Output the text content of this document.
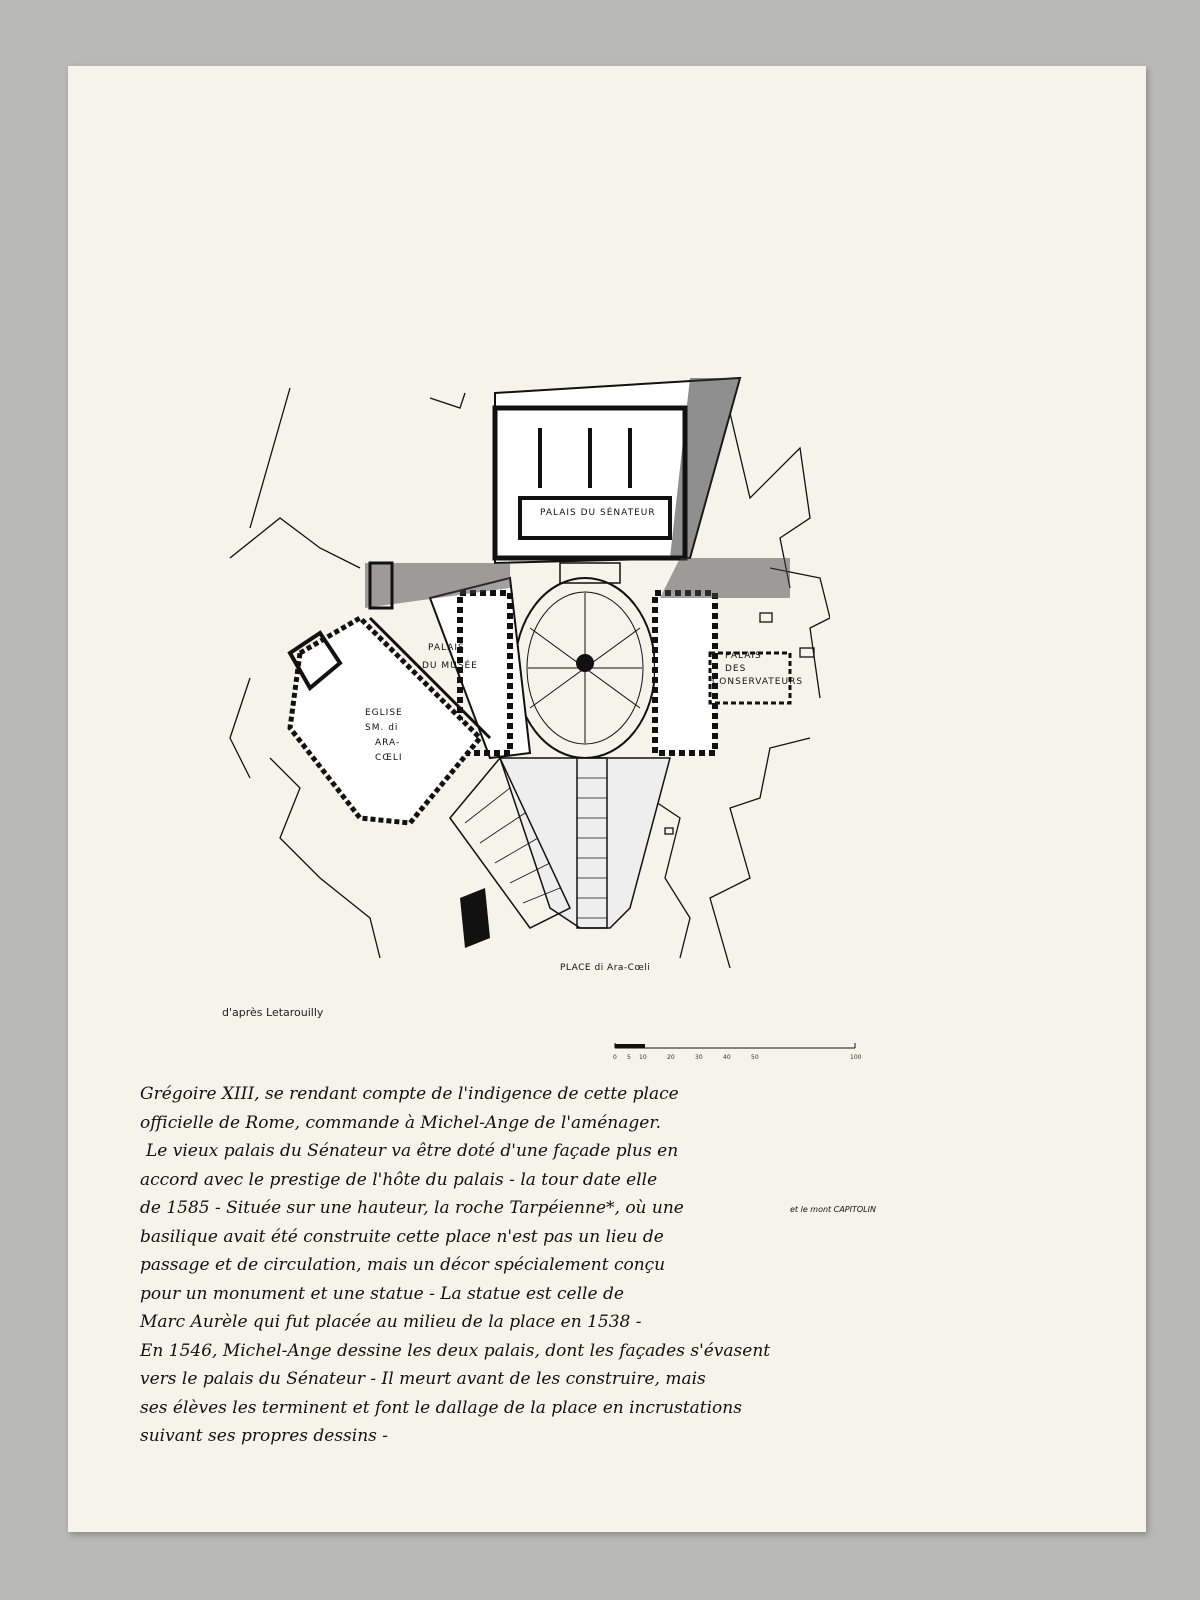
PALAIS DU SÉNATEUR
PALAIS
DU MUSÉE
PALAIS
DES
CONSERVATEURS
EGLISE
SM. di
ARA-
CŒLI
PLACE di Ara-Cœli
d'après Letarouilly
0 5 10	20	30	40	50	100
Grégoire XIII, se rendant compte de l'indigence de cette place
officielle de Rome, commande à Michel-Ange de l'aménager.
Le vieux palais du Sénateur va être doté d'une façade plus en
accord avec le prestige de l'hôte du palais - la tour date elle
de 1585 - Située sur une hauteur, la roche Tarpéienne*, où une
basilique avait été construite cette place n'est pas un lieu de
passage et de circulation, mais un décor spécialement conçu
pour un monument et une statue - La statue est celle de
Marc Aurèle qui fut placée au milieu de la place en 1538 -
En 1546, Michel-Ange dessine les deux palais, dont les façades s'évasent
vers le palais du Sénateur - Il meurt avant de les construire, mais
ses élèves les terminent et font le dallage de la place en incrustations
suivant ses propres dessins -
et le mont CAPITOLIN
